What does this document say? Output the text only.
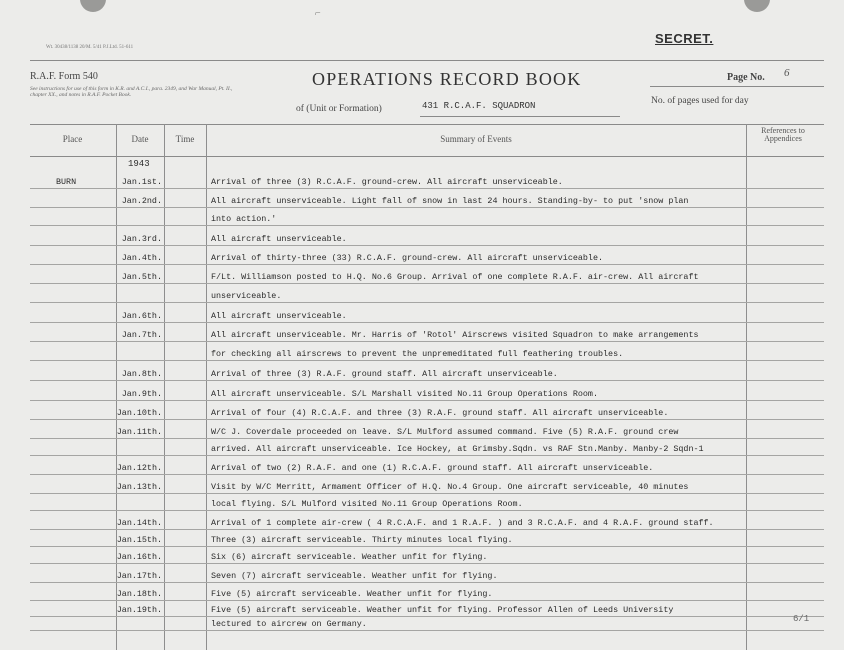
⌐
Wt. 30438/1138 20/M. 5/41 P.J.Ltd. 51-611
SECRET.
R.A.F. Form 540
See instructions for use of this form in K.R. and A.C.I., para. 2349, and War Manual, Pt. II., chapter XX., and notes in R.A.F. Pocket Book.
OPERATIONS RECORD BOOK
of (Unit or Formation)	431 R.C.A.F. SQUADRON
Page No. 6
No. of pages used for day
Place	Date	Time	Summary of Events
References to Appendices
1943
BURN	Jan.1st.	Arrival of three (3) R.C.A.F. ground-crew. All aircraft unserviceable.
Jan.2nd.	All aircraft unserviceable. Light fall of snow in last 24 hours. Standing-by- to put 'snow plan
into action.'
Jan.3rd.	All aircraft unserviceable.
Jan.4th.	Arrival of thirty-three (33) R.C.A.F. ground-crew. All aircraft unserviceable.
Jan.5th.	F/Lt. Williamson posted to H.Q. No.6 Group. Arrival of one complete R.A.F. air-crew. All aircraft
unserviceable.
Jan.6th.	All aircraft unserviceable.
Jan.7th.	All aircraft unserviceable. Mr. Harris of 'Rotol' Airscrews visited Squadron to make arrangements
for checking all airscrews to prevent the unpremeditated full feathering troubles.
Jan.8th.	Arrival of three (3) R.A.F. ground staff. All aircraft unserviceable.
Jan.9th.	All aircraft unserviceable. S/L Marshall visited No.11 Group Operations Room.
Jan.10th.	Arrival of four (4) R.C.A.F. and three (3) R.A.F. ground staff. All aircraft unserviceable.
Jan.11th.	W/C J. Coverdale proceeded on leave. S/L Mulford assumed command. Five (5) R.A.F. ground crew
arrived. All aircraft unserviceable. Ice Hockey, at Grimsby.Sqdn. vs RAF Stn.Manby. Manby-2 Sqdn-1
Jan.12th.	Arrival of two (2) R.A.F. and one (1) R.C.A.F. ground staff. All aircraft unserviceable.
Jan.13th.	Visit by W/C Merritt, Armament Officer of H.Q. No.4 Group. One aircraft serviceable, 40 minutes
local flying. S/L Mulford visited No.11 Group Operations Room.
Jan.14th.	Arrival of 1 complete air-crew ( 4 R.C.A.F. and 1 R.A.F. ) and 3 R.C.A.F. and 4 R.A.F. ground staff.
Jan.15th.	Three (3) aircraft serviceable. Thirty minutes local flying.
Jan.16th.	Six (6) aircraft serviceable. Weather unfit for flying.
Jan.17th.	Seven (7) aircraft serviceable. Weather unfit for flying.
Jan.18th.	Five (5) aircraft serviceable. Weather unfit for flying.
Jan.19th.	Five (5) aircraft serviceable. Weather unfit for flying. Professor Allen of Leeds University
lectured to aircrew on Germany.	6/1
